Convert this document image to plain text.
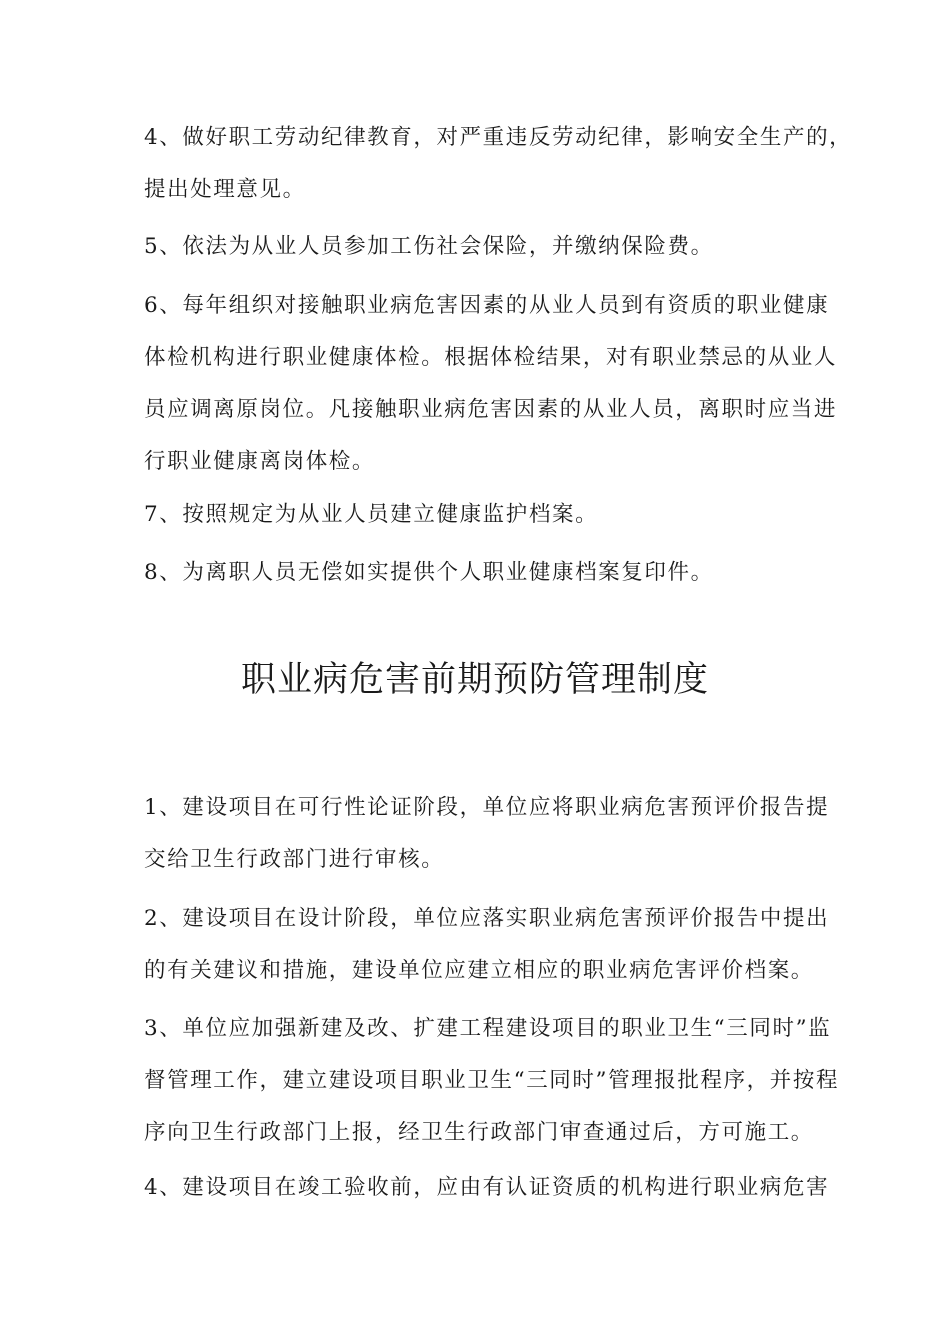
4、做好职工劳动纪律教育，对严重违反劳动纪律，影响安全生产的，
提出处理意见。
5、依法为从业人员参加工伤社会保险，并缴纳保险费。
6、每年组织对接触职业病危害因素的从业人员到有资质的职业健康
体检机构进行职业健康体检。根据体检结果，对有职业禁忌的从业人
员应调离原岗位。凡接触职业病危害因素的从业人员，离职时应当进
行职业健康离岗体检。
7、按照规定为从业人员建立健康监护档案。
8、为离职人员无偿如实提供个人职业健康档案复印件。
职业病危害前期预防管理制度
1、建设项目在可行性论证阶段，单位应将职业病危害预评价报告提
交给卫生行政部门进行审核。
2、建设项目在设计阶段，单位应落实职业病危害预评价报告中提出
的有关建议和措施，建设单位应建立相应的职业病危害评价档案。
3、单位应加强新建及改、扩建工程建设项目的职业卫生“三同时”监
督管理工作，建立建设项目职业卫生“三同时”管理报批程序，并按程
序向卫生行政部门上报，经卫生行政部门审查通过后，方可施工。
4、建设项目在竣工验收前，应由有认证资质的机构进行职业病危害
